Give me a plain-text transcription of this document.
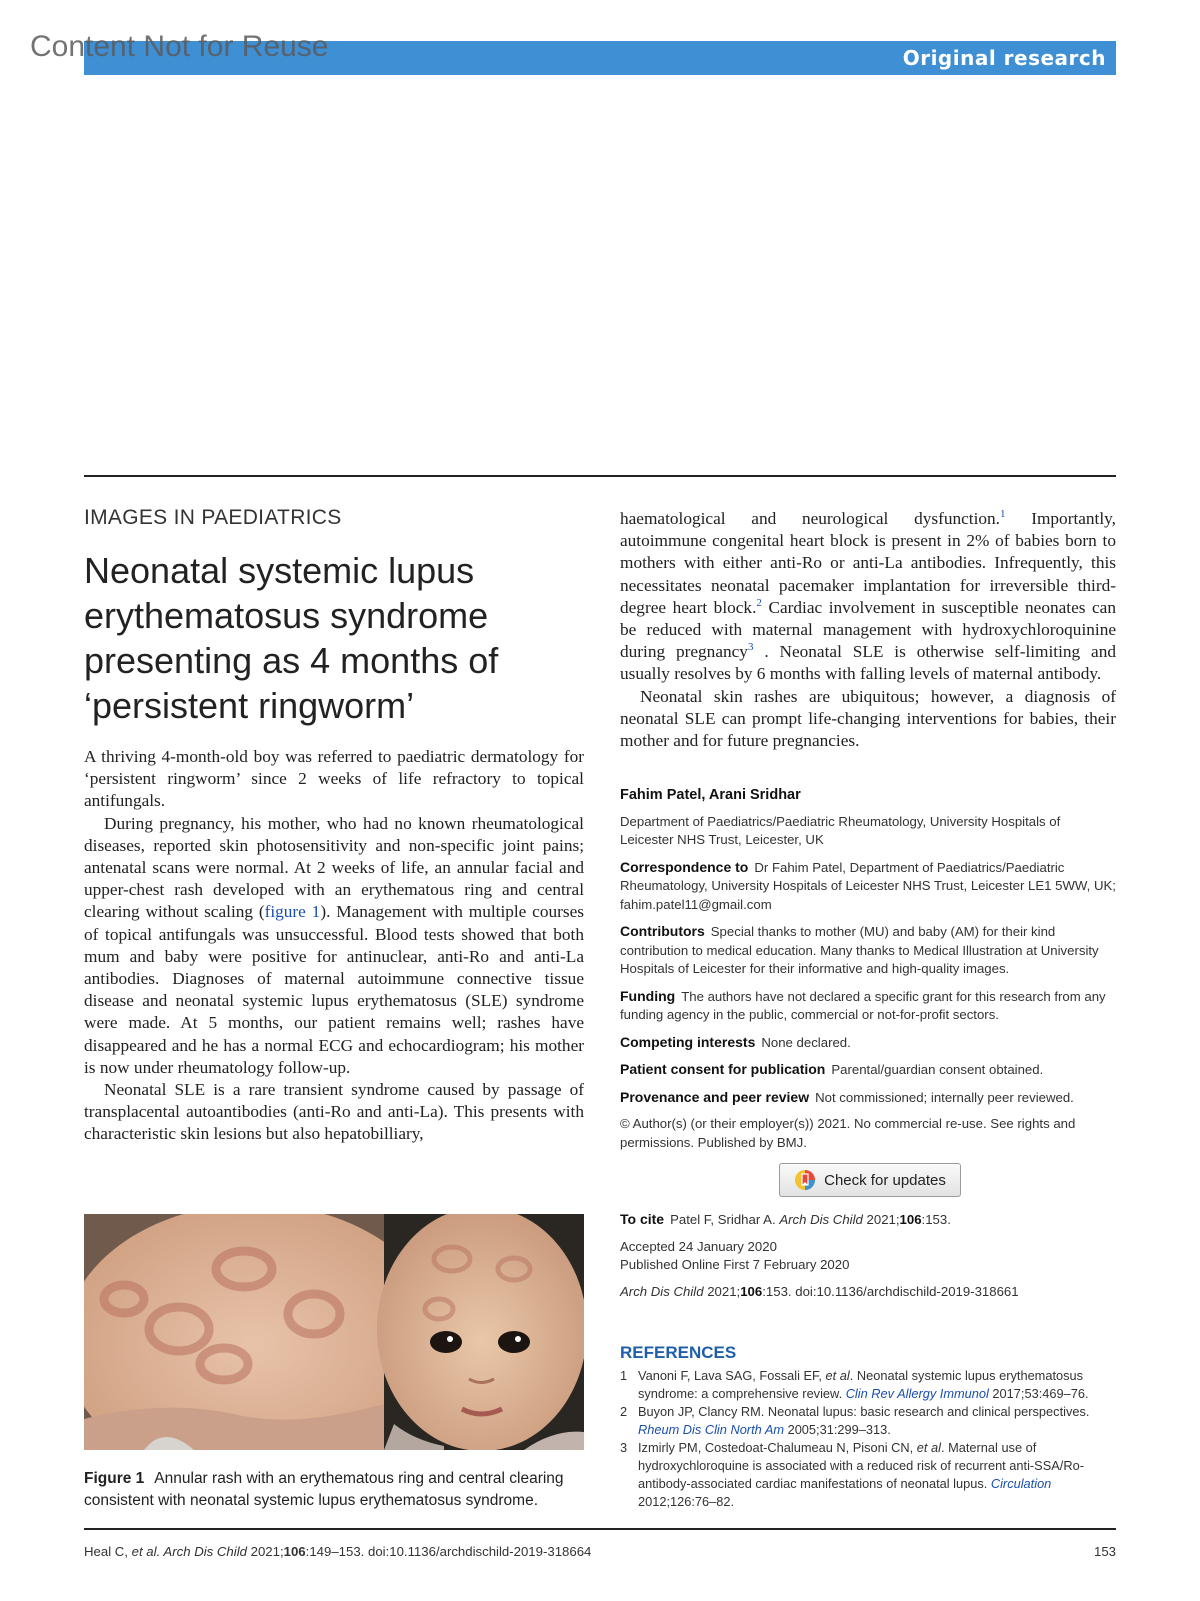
Original research
Content Not for Reuse
IMAGES IN PAEDIATRICS
Neonatal systemic lupus erythematosus syndrome presenting as 4 months of ‘persistent ringworm’

A thriving 4-month-old boy was referred to paediatric dermatology for ‘persistent ringworm’ since 2 weeks of life refractory to topical antifungals.

During pregnancy, his mother, who had no known rheumatological diseases, reported skin photosensitivity and non-specific joint pains; antenatal scans were normal. At 2 weeks of life, an annular facial and upper-chest rash developed with an erythematous ring and central clearing without scaling (figure 1). Management with multiple courses of topical antifungals was unsuccessful. Blood tests showed that both mum and baby were positive for antinuclear, anti-Ro and anti-La antibodies. Diagnoses of maternal autoimmune connective tissue disease and neonatal systemic lupus erythematosus (SLE) syndrome were made. At 5 months, our patient remains well; rashes have disappeared and he has a normal ECG and echocardiogram; his mother is now under rheumatology follow-up.

Neonatal SLE is a rare transient syndrome caused by passage of transplacental autoantibodies (anti-Ro and anti-La). This presents with characteristic skin lesions but also hepatobilliary,

Figure 1 Annular rash with an erythematous ring and central clearing consistent with neonatal systemic lupus erythematosus syndrome.

haematological and neurological dysfunction.$^1$ Importantly, autoimmune congenital heart block is present in 2% of babies born to mothers with either anti-Ro or anti-La antibodies. Infrequently, this necessitates neonatal pacemaker implantation for irreversible third-degree heart block.$^2$ Cardiac involvement in susceptible neonates can be reduced with maternal management with hydroxychloroquinine during pregnancy$^3$ . Neonatal SLE is otherwise self-limiting and usually resolves by 6 months with falling levels of maternal antibody.

Neonatal skin rashes are ubiquitous; however, a diagnosis of neonatal SLE can prompt life-changing interventions for babies, their mother and for future pregnancies.

Fahim Patel, Arani Sridhar
Department of Paediatrics/Paediatric Rheumatology, University Hospitals of Leicester NHS Trust, Leicester, UK
Correspondence to Dr Fahim Patel, Department of Paediatrics/Paediatric Rheumatology, University Hospitals of Leicester NHS Trust, Leicester LE1 5WW, UK; fahim.patel11@gmail.com
Contributors Special thanks to mother (MU) and baby (AM) for their kind contribution to medical education. Many thanks to Medical Illustration at University Hospitals of Leicester for their informative and high-quality images.
Funding The authors have not declared a specific grant for this research from any funding agency in the public, commercial or not-for-profit sectors.
Competing interests None declared.
Patient consent for publication Parental/guardian consent obtained.
Provenance and peer review Not commissioned; internally peer reviewed.
© Author(s) (or their employer(s)) 2021. No commercial re-use. See rights and permissions. Published by BMJ.
Check for updates
To cite Patel F, Sridhar A. Arch Dis Child 2021;106:153.
Accepted 24 January 2020
Published Online First 7 February 2020
Arch Dis Child 2021;106:153. doi:10.1136/archdischild-2019-318661
REFERENCES
1 Vanoni F, Lava SAG, Fossali EF, et al. Neonatal systemic lupus erythematosus syndrome: a comprehensive review. Clin Rev Allergy Immunol 2017;53:469–76.
2 Buyon JP, Clancy RM. Neonatal lupus: basic research and clinical perspectives. Rheum Dis Clin North Am 2005;31:299–313.
3 Izmirly PM, Costedoat-Chalumeau N, Pisoni CN, et al. Maternal use of hydroxychloroquine is associated with a reduced risk of recurrent anti-SSA/Ro-antibody-associated cardiac manifestations of neonatal lupus. Circulation 2012;126:76–82.
Heal C, et al. Arch Dis Child 2021;106:149–153. doi:10.1136/archdischild-2019-318664	153
